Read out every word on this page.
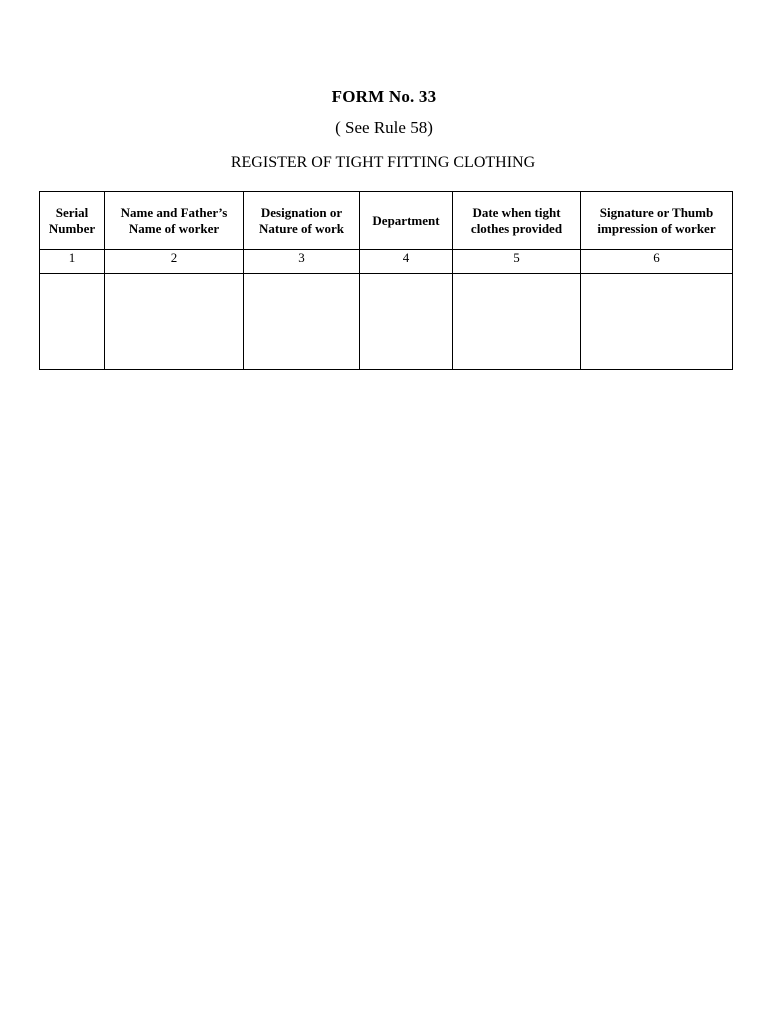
FORM No. 33
( See Rule 58)
REGISTER OF TIGHT FITTING CLOTHING
Serial Number	Name and Father’s Name of worker	Designation or Nature of work	Department	Date when tight clothes provided	Signature or Thumb impression of worker
1	2	3	4	5	6
